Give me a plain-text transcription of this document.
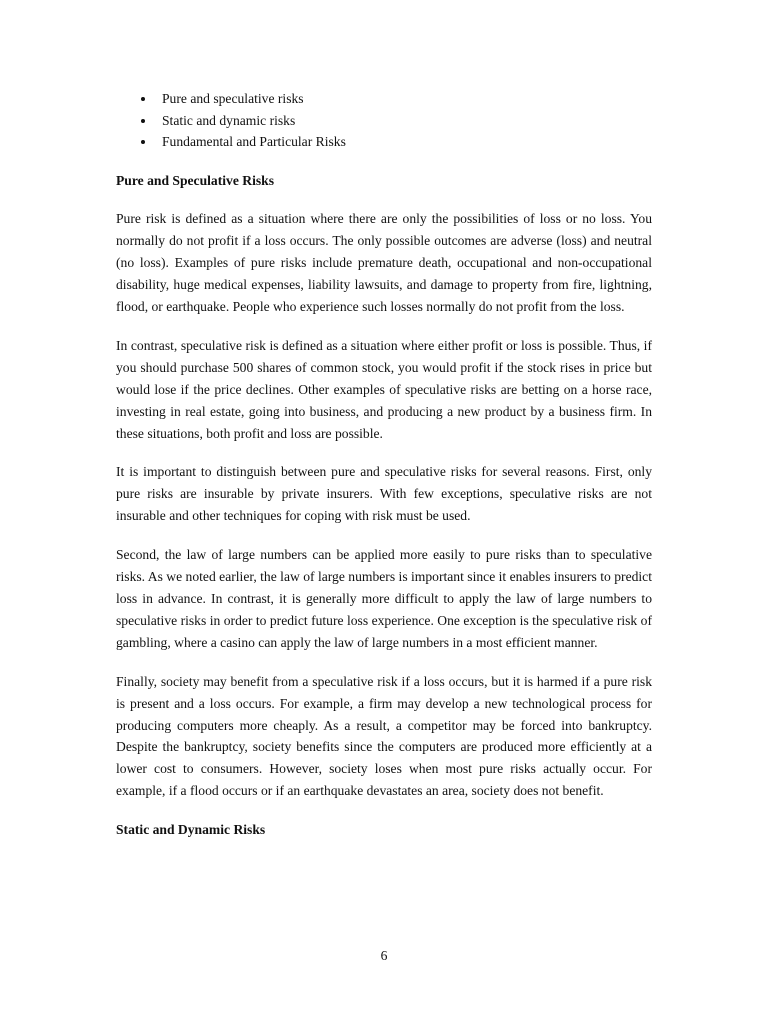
Pure and speculative risks
Static and dynamic risks
Fundamental and Particular Risks
Pure and Speculative Risks

Pure risk is defined as a situation where there are only the possibilities of loss or no loss. You normally do not profit if a loss occurs. The only possible outcomes are adverse (loss) and neutral (no loss). Examples of pure risks include premature death, occupational and non-occupational disability, huge medical expenses, liability lawsuits, and damage to property from fire, lightning, flood, or earthquake. People who experience such losses normally do not profit from the loss.

In contrast, speculative risk is defined as a situation where either profit or loss is possible. Thus, if you should purchase 500 shares of common stock, you would profit if the stock rises in price but would lose if the price declines. Other examples of speculative risks are betting on a horse race, investing in real estate, going into business, and producing a new product by a business firm. In these situations, both profit and loss are possible.

It is important to distinguish between pure and speculative risks for several reasons. First, only pure risks are insurable by private insurers. With few exceptions, speculative risks are not insurable and other techniques for coping with risk must be used.

Second, the law of large numbers can be applied more easily to pure risks than to speculative risks. As we noted earlier, the law of large numbers is important since it enables insurers to predict loss in advance. In contrast, it is generally more difficult to apply the law of large numbers to speculative risks in order to predict future loss experience. One exception is the speculative risk of gambling, where a casino can apply the law of large numbers in a most efficient manner.

Finally, society may benefit from a speculative risk if a loss occurs, but it is harmed if a pure risk is present and a loss occurs. For example, a firm may develop a new technological process for producing computers more cheaply. As a result, a competitor may be forced into bankruptcy. Despite the bankruptcy, society benefits since the computers are produced more efficiently at a lower cost to consumers. However, society loses when most pure risks actually occur. For example, if a flood occurs or if an earthquake devastates an area, society does not benefit.

Static and Dynamic Risks
6
